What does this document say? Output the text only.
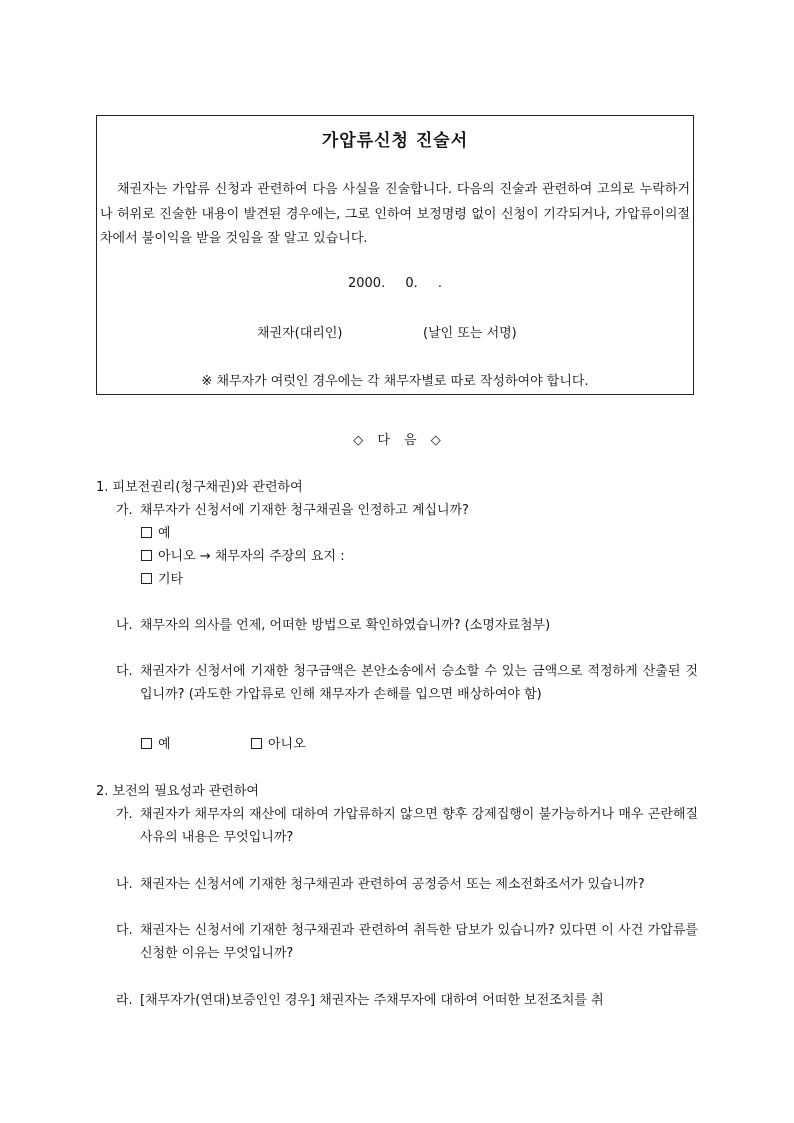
가압류신청 진술서
채권자는 가압류 신청과 관련하여 다음 사실을 진술합니다. 다음의 진술과 관련하여 고의로 누락하거나 허위로 진술한 내용이 발견된 경우에는, 그로 인하여 보정명령 없이 신청이 기각되거나, 가압류이의절차에서 불이익을 받을 것임을 잘 알고 있습니다.
2000. 0. .
채권자(대리인)	(날인 또는 서명)
※ 채무자가 여럿인 경우에는 각 채무자별로 따로 작성하여야 합니다.
◇ 다 음 ◇
1. 피보전권리(청구채권)와 관련하여
가. 채무자가 신청서에 기재한 청구채권을 인정하고 계십니까?
예
아니오 → 채무자의 주장의 요지 :
기타
나. 채무자의 의사를 언제, 어떠한 방법으로 확인하였습니까? (소명자료첨부)
다. 채권자가 신청서에 기재한 청구금액은 본안소송에서 승소할 수 있는 금액으로 적정하게 산출된 것입니까? (과도한 가압류로 인해 채무자가 손해를 입으면 배상하여야 함)
예	아니오
2. 보전의 필요성과 관련하여
가. 채권자가 채무자의 재산에 대하여 가압류하지 않으면 향후 강제집행이 불가능하거나 매우 곤란해질 사유의 내용은 무엇입니까?
나. 채권자는 신청서에 기재한 청구채권과 관련하여 공정증서 또는 제소전화조서가 있습니까?
다. 채권자는 신청서에 기재한 청구채권과 관련하여 취득한 담보가 있습니까? 있다면 이 사건 가압류를 신청한 이유는 무엇입니까?
라. [채무자가(연대)보증인인 경우] 채권자는 주채무자에 대하여 어떠한 보전조치를 취
